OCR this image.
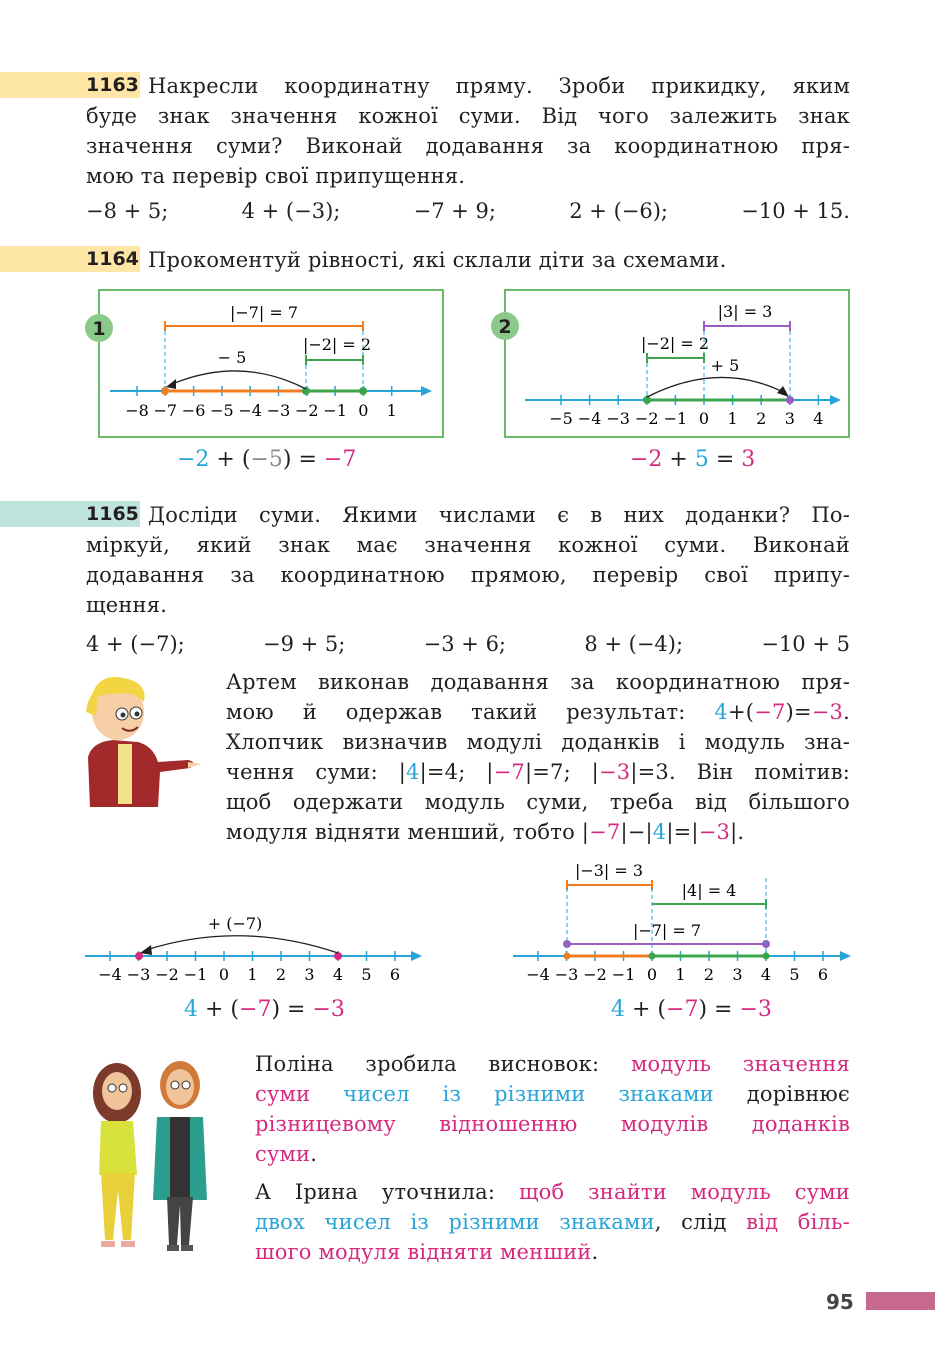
1163 Накресли координатну пряму. Зроби прикидку, яким
буде знак значення кожної суми. Від чого залежить знак
значення суми? Виконай додавання за координатною пря-
мою та перевір свої припущення.
−8 + 5;	4 + (−3);	−7 + 9;	2 + (−6);	−10 + 15.
1164 Прокоментуй рівності, які склали діти за схемами.
1
−8 −7 −6 −5 −4 −3 −2 −1 0 1
|−7| = 7
|−2| = 2
− 5
−2 + (−5) = −7
2
−5 −4 −3 −2 −1 0 1 2 3 4
|3| = 3
|−2| = 2
+ 5
−2 + 5 = 3
1165 Досліди суми. Якими числами є в них доданки? По-
міркуй, який знак має значення кожної суми. Виконай
додавання за координатною прямою, перевір свої припу-
щення.
4 + (−7);	−9 + 5;	−3 + 6;	8 + (−4);	−10 + 5
Артем виконав додавання за координатною пря-
мою й одержав такий результат: 4+(−7)=−3.
Хлопчик визначив модулі доданків і модуль зна-
чення суми: |4|=4; |−7|=7; |−3|=3. Він помітив:
щоб одержати модуль суми, треба від більшого
модуля відняти менший, тобто |−7|−|4|=|−3|.
−4 −3 −2 −1 0 1 2 3 4 5 6
+ (−7)
4 + (−7) = −3
−4 −3 −2 −1 0 1 2 3 4 5 6
|−3| = 3
|4| = 4
|−7| = 7
4 + (−7) = −3
Поліна зробила висновок: модуль значення
суми чисел із різними знаками дорівнює
різницевому відношенню модулів доданків
суми.
А Ірина уточнила: щоб знайти модуль суми
двох чисел із різними знаками, слід від біль-
шого модуля відняти менший.
95
